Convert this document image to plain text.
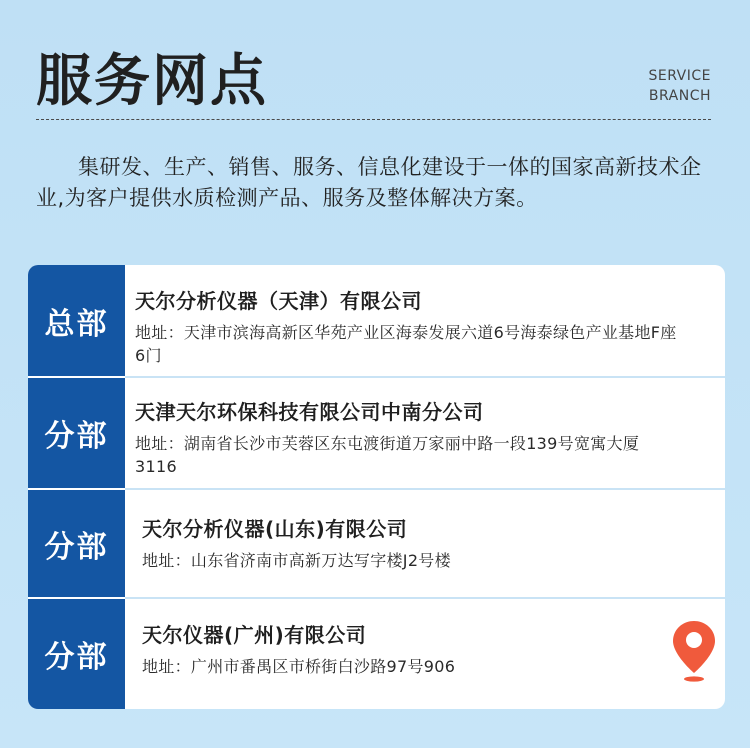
服务网点	SERVICE
BRANCH
集研发、生产、销售、服务、信息化建设于一体的国家高新技术企业,为客户提供水质检测产品、服务及整体解决方案。
总部
天尔分析仪器（天津）有限公司
地址：天津市滨海高新区华苑产业区海泰发展六道6号海泰绿色产业基地F座6门
分部
天津天尔环保科技有限公司中南分公司
地址：湖南省长沙市芙蓉区东屯渡街道万家丽中路一段139号宽寓大厦3116
分部
天尔分析仪器(山东)有限公司
地址：山东省济南市高新万达写字楼J2号楼
分部
天尔仪器(广州)有限公司
地址：广州市番禺区市桥街白沙路97号906
